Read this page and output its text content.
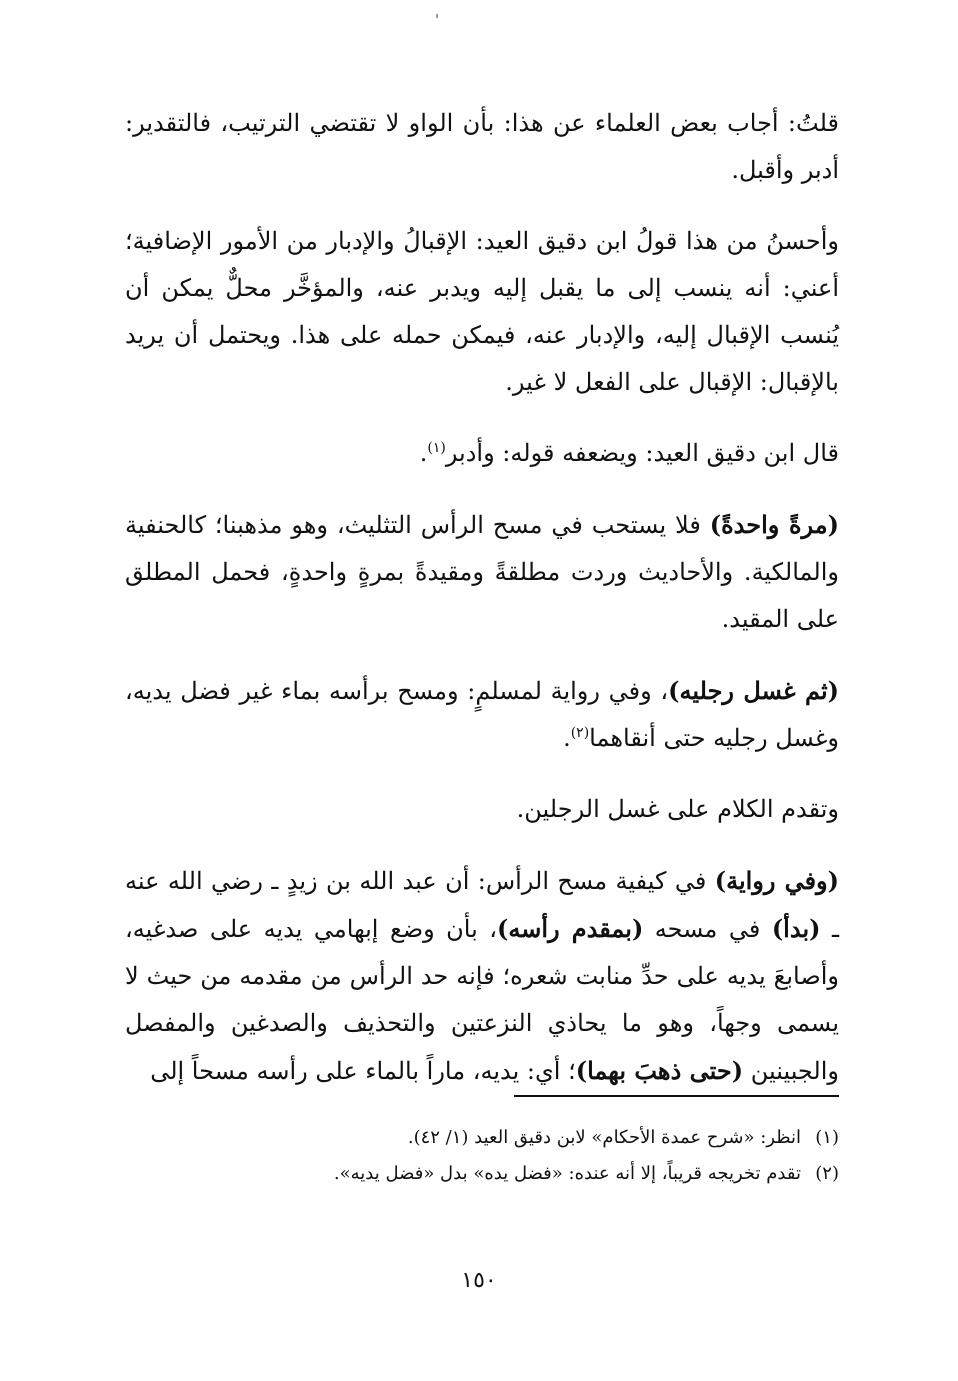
قلتُ: أجاب بعض العلماء عن هذا: بأن الواو لا تقتضي الترتيب، فالتقدير: أدبر وأقبل.

وأحسنُ من هذا قولُ ابن دقيق العيد: الإقبالُ والإدبار من الأمور الإضافية؛ أعني: أنه ينسب إلى ما يقبل إليه ويدبر عنه، والمؤخَّر محلٌّ يمكن أن يُنسب الإقبال إليه، والإدبار عنه، فيمكن حمله على هذا. ويحتمل أن يريد بالإقبال: الإقبال على الفعل لا غير.

قال ابن دقيق العيد: ويضعفه قوله: وأدبر$^{(١)}$.

(مرةً واحدةً) فلا يستحب في مسح الرأس التثليث، وهو مذهبنا؛ كالحنفية والمالكية. والأحاديث وردت مطلقةً ومقيدةً بمرةٍ واحدةٍ، فحمل المطلق على المقيد.

(ثم غسل رجليه)، وفي رواية لمسلمٍ: ومسح برأسه بماء غير فضل يديه، وغسل رجليه حتى أنقاهما$^{(٢)}$.

وتقدم الكلام على غسل الرجلين.

(وفي رواية) في كيفية مسح الرأس: أن عبد الله بن زيدٍ ـ رضي الله عنه ـ (بدأ) في مسحه (بمقدم رأسه)، بأن وضع إبهامي يديه على صدغيه، وأصابعَ يديه على حدِّ منابت شعره؛ فإنه حد الرأس من مقدمه من حيث لا يسمى وجهاً، وهو ما يحاذي النزعتين والتحذيف والصدغين والمفصل والجبينين (حتى ذهبَ بهما)؛ أي: يديه، ماراً بالماء على رأسه مسحاً إلى

(١)انظر: «شرح عمدة الأحكام» لابن دقيق العيد (١/ ٤٢).
(٢)تقدم تخريجه قريباً، إلا أنه عنده: «فضل يده» بدل «فضل يديه».
١٥٠
